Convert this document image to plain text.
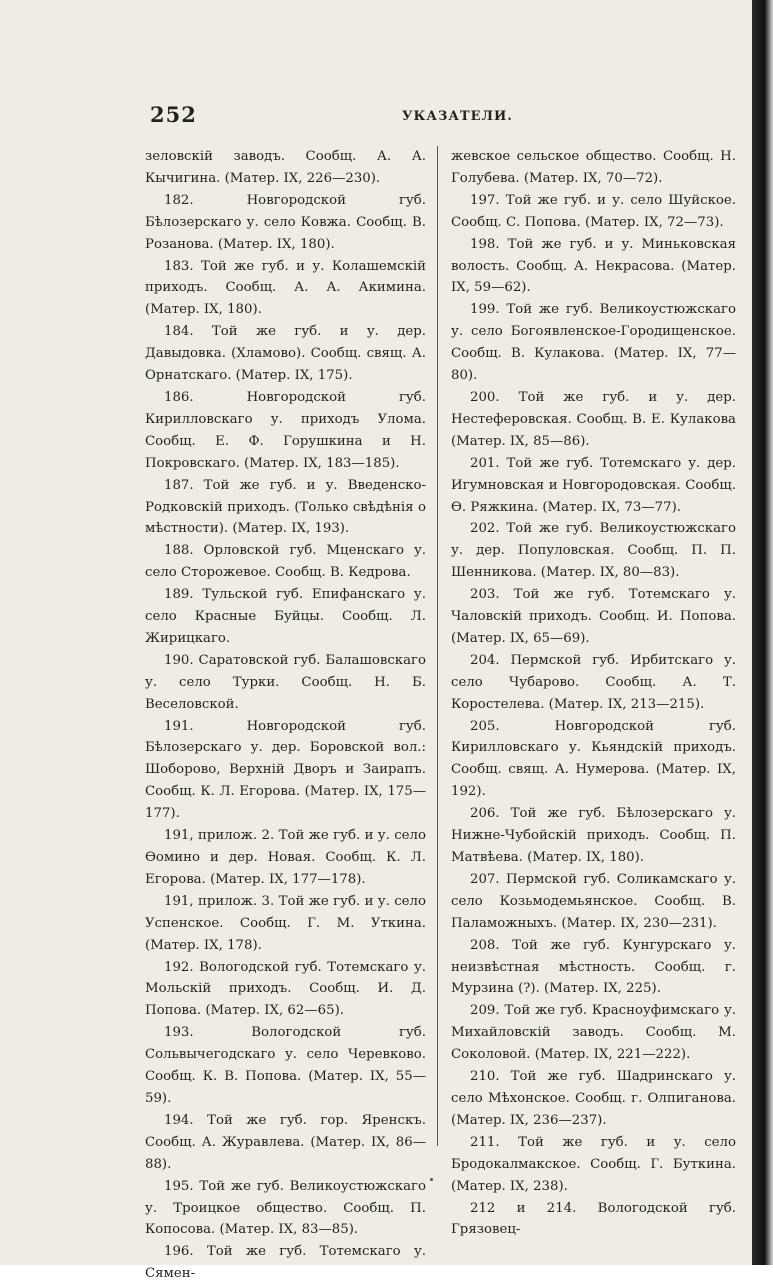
252	УКАЗАТЕЛИ.

зеловскій заводъ. Сообщ. А. А. Кычигина. (Матер. IX, 226—230).

182. Новгородской губ. Бѣлозерскаго у. село Ковжа. Сообщ. В. Розанова. (Матер. IX, 180).

183. Той же губ. и у. Колашемскій приходъ. Сообщ. А. А. Акимина. (Матер. IX, 180).

184. Той же губ. и у. дер. Давыдовка. (Хламово). Сообщ. свящ. А. Орнатскаго. (Матер. IX, 175).

186. Новгородской губ. Кирилловскаго у. приходъ Улома. Сообщ. Е. Ф. Горушкина и Н. Покровскаго. (Матер. IX, 183—185).

187. Той же губ. и у. Введенско-Родковскій приходъ. (Только свѣдѣнія о мѣстности). (Матер. IX, 193).

188. Орловской губ. Мценскаго у. село Сторожевое. Сообщ. В. Кедрова.

189. Тульской губ. Епифанскаго у. село Красные Буйцы. Сообщ. Л. Жирицкаго.

190. Саратовской губ. Балашовскаго у. село Турки. Сообщ. Н. Б. Веселовской.

191. Новгородской губ. Бѣлозерскаго у. дер. Боровской вол.: Шоборово, Верхній Дворъ и Заирапъ. Сообщ. К. Л. Егорова. (Матер. IX, 175—177).

191, прилож. 2. Той же губ. и у. село Ѳомино и дер. Новая. Сообщ. К. Л. Егорова. (Матер. IX, 177—178).

191, прилож. 3. Той же губ. и у. село Успенское. Сообщ. Г. М. Уткина. (Матер. IX, 178).

192. Вологодской губ. Тотемскаго у. Мольскій приходъ. Сообщ. И. Д. Попова. (Матер. IX, 62—65).

193. Вологодской губ. Сольвычегодскаго у. село Черевково. Сообщ. К. В. Попова. (Матер. IX, 55—59).

194. Той же губ. гор. Яренскъ. Сообщ. А. Журавлева. (Матер. IX, 86—88).

195. Той же губ. Великоустюжскаго у. Троицкое общество. Сообщ. П. Копосова. (Матер. IX, 83—85).

196. Той же губ. Тотемскаго у. Сямен-

жевское сельское общество. Сообщ. Н. Голубева. (Матер. IX, 70—72).

197. Той же губ. и у. село Шуйское. Сообщ. С. Попова. (Матер. IX, 72—73).

198. Той же губ. и у. Миньковская волость. Сообщ. А. Некрасова. (Матер. IX, 59—62).

199. Той же губ. Великоустюжскаго у. село Богоявленское-Городищенское. Сообщ. В. Кулакова. (Матер. IX, 77—80).

200. Той же губ. и у. дер. Нестеферовская. Сообщ. В. Е. Кулакова (Матер. IX, 85—86).

201. Той же губ. Тотемскаго у. дер. Игумновская и Новгородовская. Сообщ. Ѳ. Ряжкина. (Матер. IX, 73—77).

202. Той же губ. Великоустюжскаго у. дер. Популовская. Сообщ. П. П. Шенникова. (Матер. IX, 80—83).

203. Той же губ. Тотемскаго у. Чаловскій приходъ. Сообщ. И. Попова. (Матер. IX, 65—69).

204. Пермской губ. Ирбитскаго у. село Чубарово. Сообщ. А. Т. Коростелева. (Матер. IX, 213—215).

205. Новгородской губ. Кирилловскаго у. Кьяндскій приходъ. Сообщ. свящ. А. Нумерова. (Матер. IX, 192).

206. Той же губ. Бѣлозерскаго у. Нижне-Чубойскій приходъ. Сообщ. П. Матвѣева. (Матер. IX, 180).

207. Пермской губ. Соликамскаго у. село Козьмодемьянское. Сообщ. В. Паламожныхъ. (Матер. IX, 230—231).

208. Той же губ. Кунгурскаго у. неизвѣстная мѣстность. Сообщ. г. Мурзина (?). (Матер. IX, 225).

209. Той же губ. Красноуфимскаго у. Михайловскій заводъ. Сообщ. М. Соколовой. (Матер. IX, 221—222).

210. Той же губ. Шадринскаго у. село Мѣхонское. Сообщ. г. Олпиганова. (Матер. IX, 236—237).

211. Той же губ. и у. село Бродокалмакское. Сообщ. Г. Буткина. (Матер. IX, 238).

212 и 214. Вологодской губ. Грязовец-
